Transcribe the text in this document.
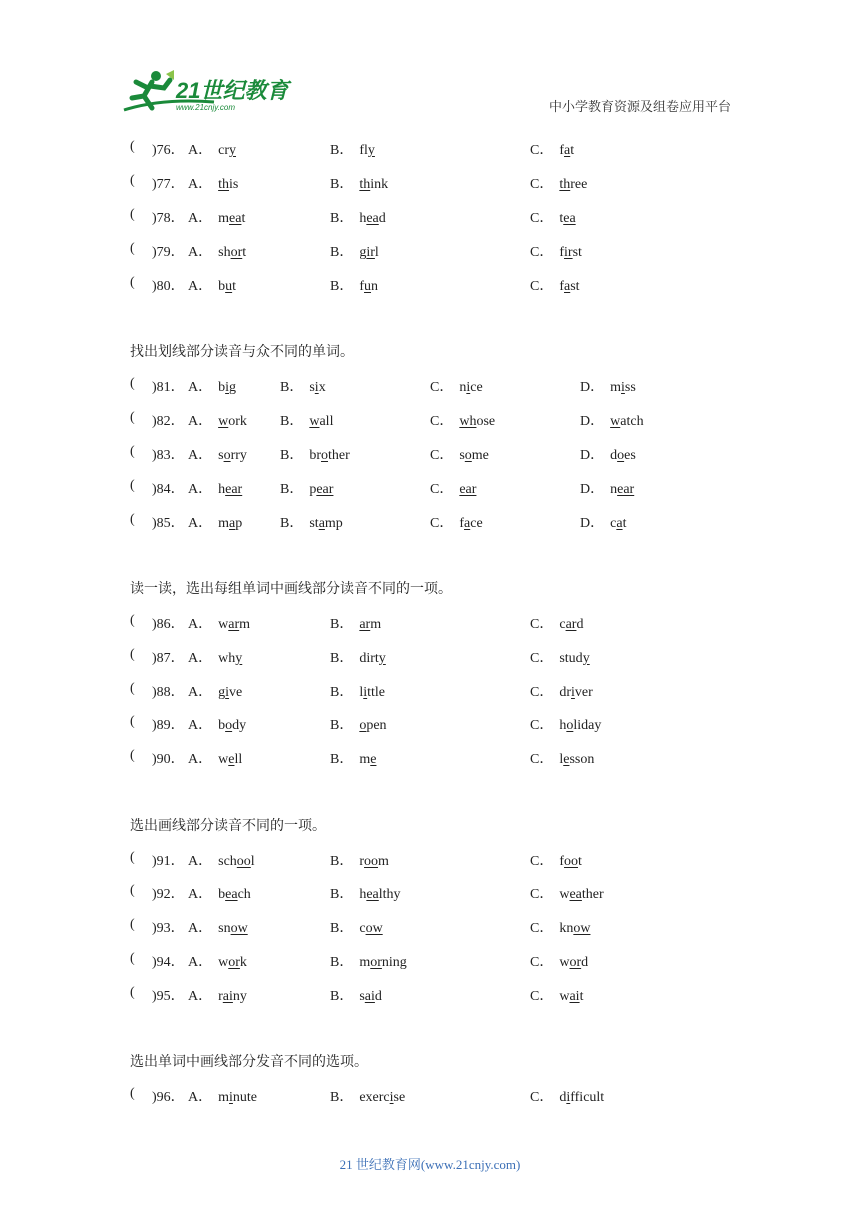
21世纪教育
www.21cnjy.com	中小学教育资源及组卷应用平台
( )76． A． cry	B． fly	C． fat
( )77． A． this	B． think	C． three
( )78． A． meat	B． head	C． tea
( )79． A． short	B． girl	C． first
( )80． A． but	B． fun	C． fast
找出划线部分读音与众不同的单词。
( )81． A． big	B． six	C． nice	D． miss
( )82． A． work B． wall	C． whose	D． watch
( )83． A． sorry B． brother	C． some	D． does
( )84． A． hear	B． pear	C． ear	D． near
( )85． A． map	B． stamp	C． face	D． cat
读一读，选出每组单词中画线部分读音不同的一项。
( )86． A． warm	B． arm	C． card
( )87． A． why	B． dirty	C． study
( )88． A． give	B． little	C． driver
( )89． A． body	B． open	C． holiday
( )90． A． well	B． me	C． lesson
选出画线部分读音不同的一项。
( )91． A． school	B． room	C． foot
( )92． A． beach	B． healthy	C． weather
( )93． A． snow	B． cow	C． know
( )94． A． work	B． morning	C． word
( )95． A． rainy	B． said	C． wait
选出单词中画线部分发音不同的选项。
( )96． A． minute	B． exercise	C． difficult
21 世纪教育网(www.21cnjy.com)
